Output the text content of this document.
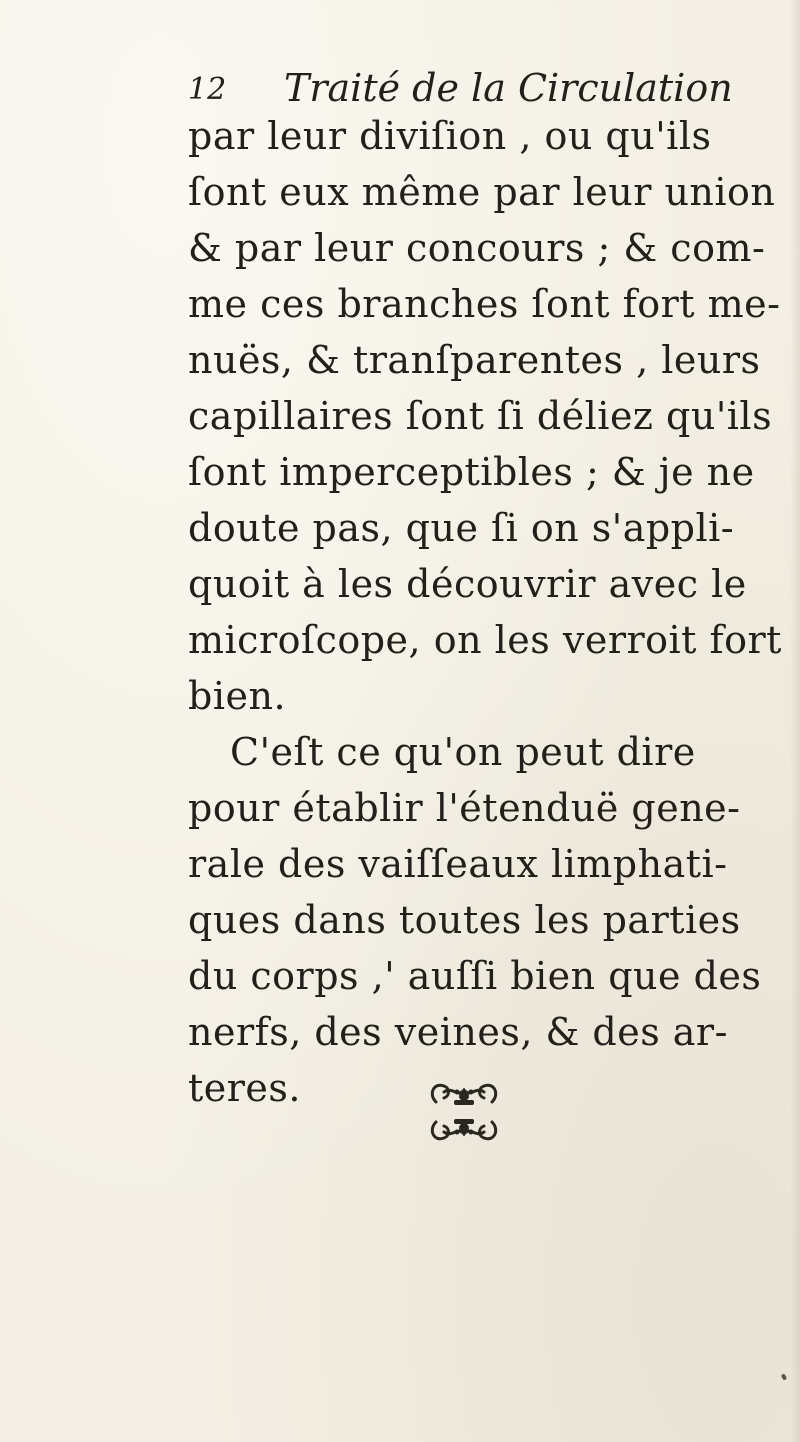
12 Traité de la Circulation
par leur diviſion , ou qu'ils
ſont eux même par leur union
& par leur concours ; & com-
me ces branches ſont fort me-
nuës, & tranſparentes , leurs
capillaires ſont ſi déliez qu'ils
ſont imperceptibles ; & je ne
doute pas, que ſi on s'appli-
quoit à les découvrir avec le
microſcope, on les verroit fort
bien.
C'eſt ce qu'on peut dire
pour établir l'étenduë gene-
rale des vaiſſeaux limphati-
ques dans toutes les parties
du corps ,' auſſi bien que des
nerfs, des veines, & des ar-
teres.
